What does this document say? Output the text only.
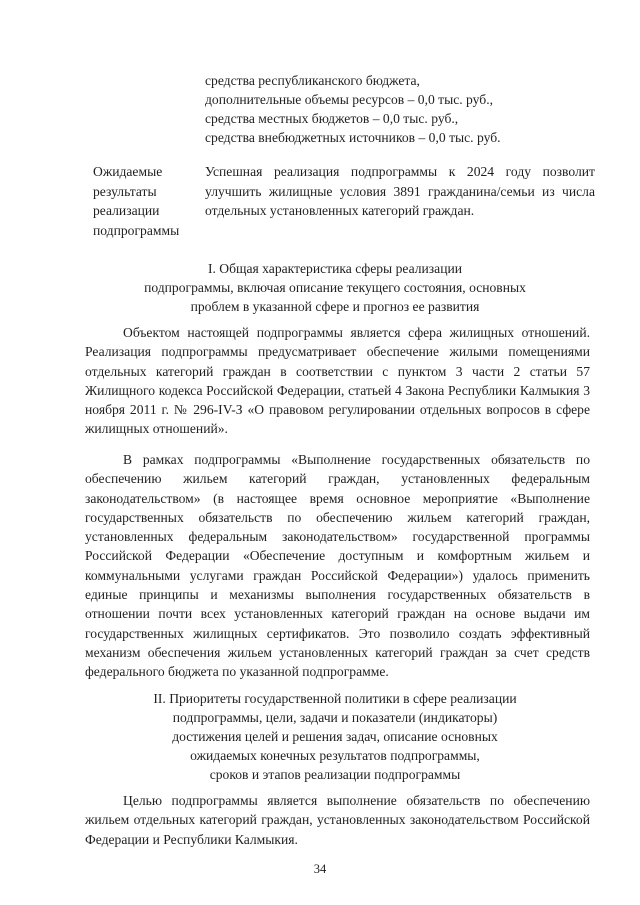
средства республиканского бюджета,
дополнительные объемы ресурсов – 0,0 тыс. руб.,
средства местных бюджетов – 0,0 тыс. руб.,
средства внебюджетных источников – 0,0 тыс. руб.
Ожидаемые
результаты
реализации
подпрограммы
Успешная реализация подпрограммы к 2024 году позволит улучшить жилищные условия 3891 гражданина/семьи из числа отдельных установленных категорий граждан.
I. Общая характеристика сферы реализации
подпрограммы, включая описание текущего состояния, основных
проблем в указанной сфере и прогноз ее развития

Объектом настоящей подпрограммы является сфера жилищных отношений. Реализация подпрограммы предусматривает обеспечение жилыми помещениями отдельных категорий граждан в соответствии с пунктом 3 части 2 статьи 57 Жилищного кодекса Российской Федерации, статьей 4 Закона Республики Калмыкия 3 ноября 2011 г. № 296-IV-З «О правовом регулировании отдельных вопросов в сфере жилищных отношений».

В рамках подпрограммы «Выполнение государственных обязательств по обеспечению жильем категорий граждан, установленных федеральным законодательством» (в настоящее время основное мероприятие «Выполнение государственных обязательств по обеспечению жильем категорий граждан, установленных федеральным законодательством» государственной программы Российской Федерации «Обеспечение доступным и комфортным жильем и коммунальными услугами граждан Российской Федерации») удалось применить единые принципы и механизмы выполнения государственных обязательств в отношении почти всех установленных категорий граждан на основе выдачи им государственных жилищных сертификатов. Это позволило создать эффективный механизм обеспечения жильем установленных категорий граждан за счет средств федерального бюджета по указанной подпрограмме.

II. Приоритеты государственной политики в сфере реализации
подпрограммы, цели, задачи и показатели (индикаторы)
достижения целей и решения задач, описание основных
ожидаемых конечных результатов подпрограммы,
сроков и этапов реализации подпрограммы

Целью подпрограммы является выполнение обязательств по обеспечению жильем отдельных категорий граждан, установленных законодательством Российской Федерации и Республики Калмыкия.

34
